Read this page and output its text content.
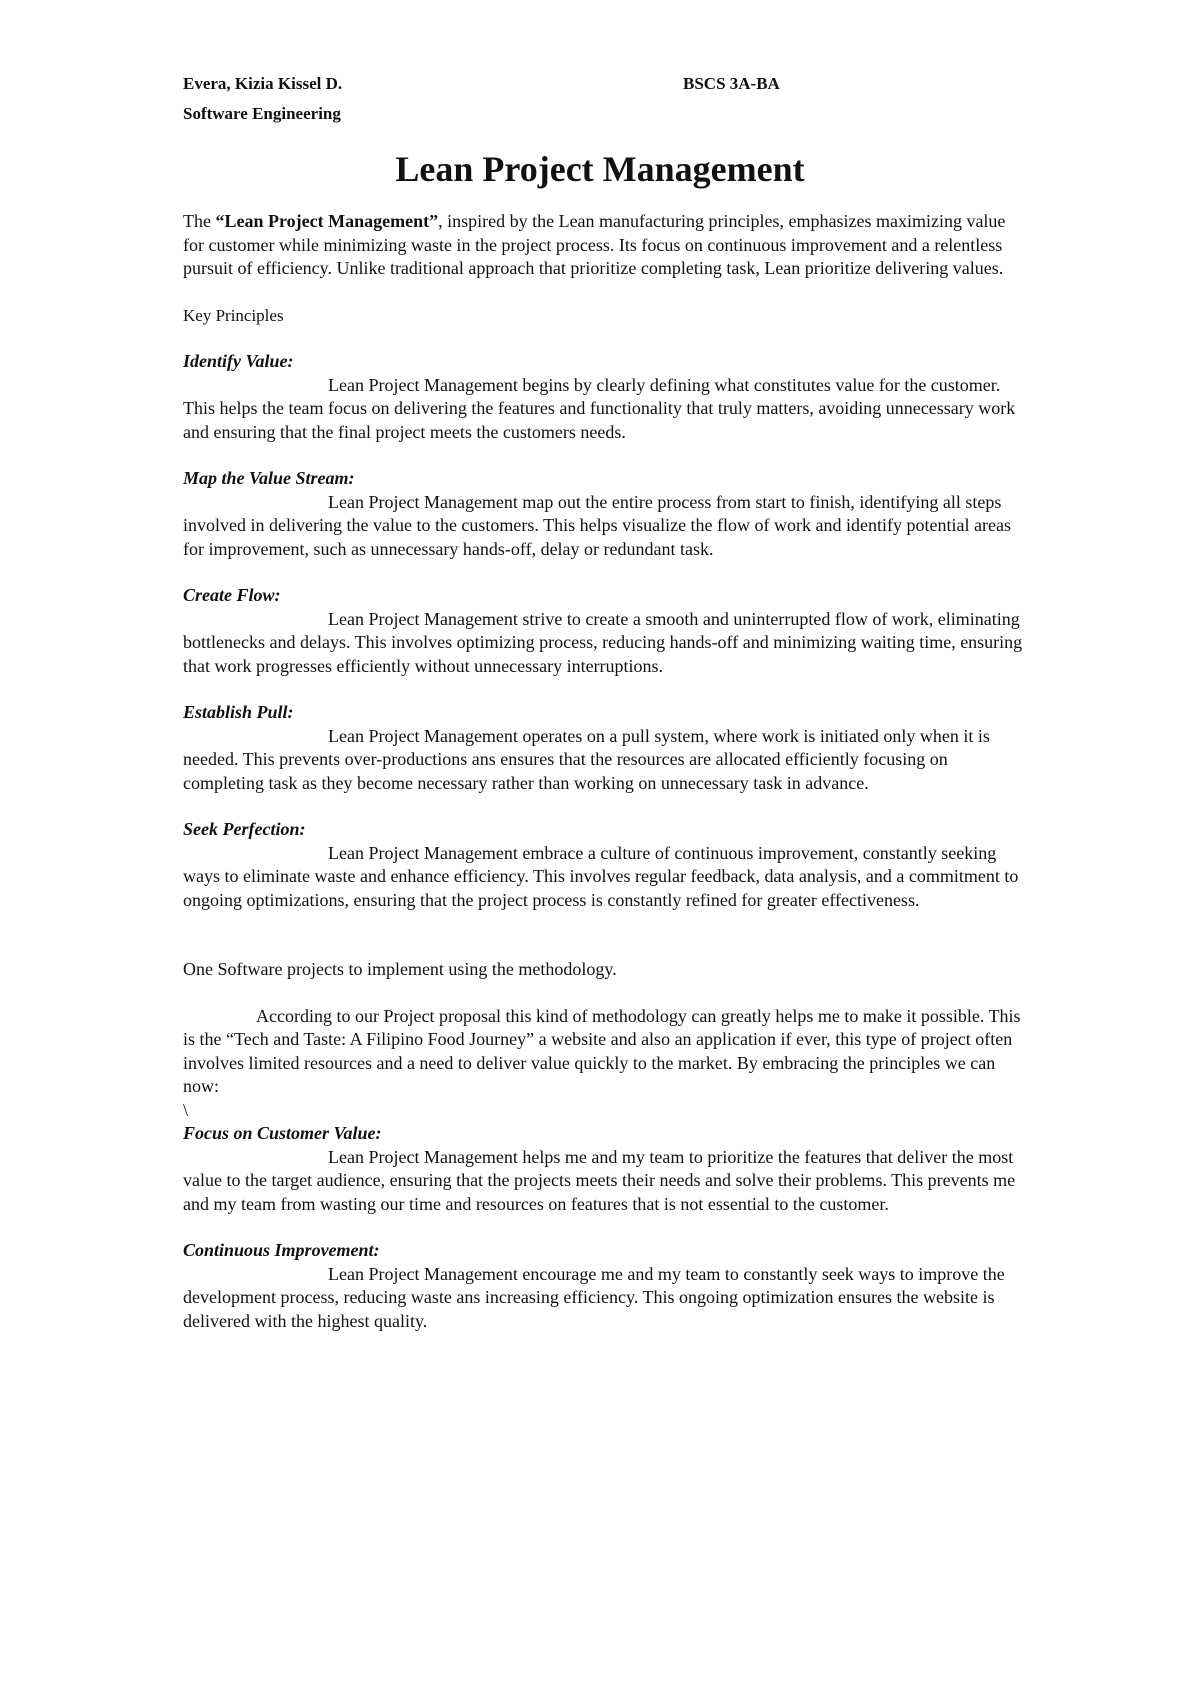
Evera, Kizia Kissel D.	BSCS 3A-BA
Software Engineering
Lean Project Management

The “Lean Project Management”, inspired by the Lean manufacturing principles, emphasizes maximizing value for customer while minimizing waste in the project process. Its focus on continuous improvement and a relentless pursuit of efficiency. Unlike traditional approach that prioritize completing task, Lean prioritize delivering values.

Key Principles

Identify Value:

Lean Project Management begins by clearly defining what constitutes value for the customer. This helps the team focus on delivering the features and functionality that truly matters, avoiding unnecessary work and ensuring that the final project meets the customers needs.

Map the Value Stream:

Lean Project Management map out the entire process from start to finish, identifying all steps involved in delivering the value to the customers. This helps visualize the flow of work and identify potential areas for improvement, such as unnecessary hands-off, delay or redundant task.

Create Flow:

Lean Project Management strive to create a smooth and uninterrupted flow of work, eliminating bottlenecks and delays. This involves optimizing process, reducing hands-off and minimizing waiting time, ensuring that work progresses efficiently without unnecessary interruptions.

Establish Pull:

Lean Project Management operates on a pull system, where work is initiated only when it is needed. This prevents over-productions ans ensures that the resources are allocated efficiently focusing on completing task as they become necessary rather than working on unnecessary task in advance.

Seek Perfection:

Lean Project Management embrace a culture of continuous improvement, constantly seeking ways to eliminate waste and enhance efficiency. This involves regular feedback, data analysis, and a commitment to ongoing optimizations, ensuring that the project process is constantly refined for greater effectiveness.

One Software projects to implement using the methodology.

According to our Project proposal this kind of methodology can greatly helps me to make it possible. This is the “Tech and Taste: A Filipino Food Journey” a website and also an application if ever, this type of project often involves limited resources and a need to deliver value quickly to the market. By embracing the principles we can now:

\

Focus on Customer Value:

Lean Project Management helps me and my team to prioritize the features that deliver the most value to the target audience, ensuring that the projects meets their needs and solve their problems. This prevents me and my team from wasting our time and resources on features that is not essential to the customer.

Continuous Improvement:

Lean Project Management encourage me and my team to constantly seek ways to improve the development process, reducing waste ans increasing efficiency. This ongoing optimization ensures the website is delivered with the highest quality.
